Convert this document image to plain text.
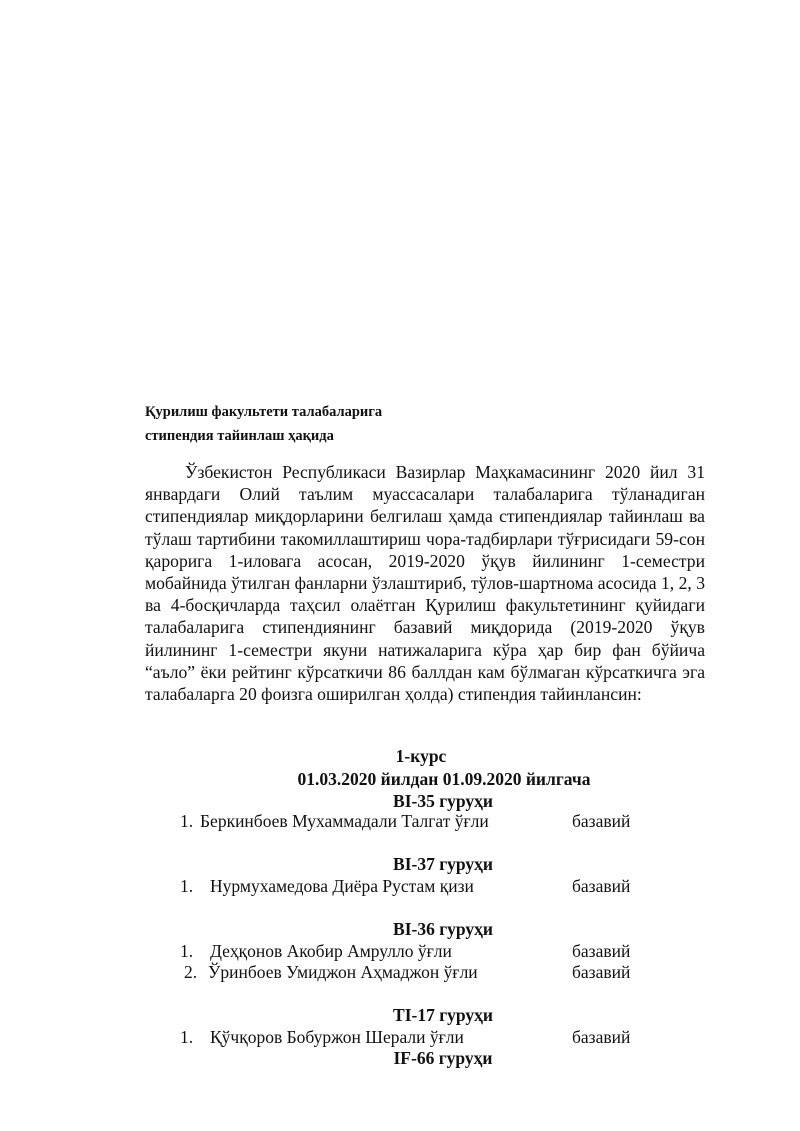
Қурилиш факультети талабаларига
стипендия тайинлаш ҳақида

Ўзбекистон Республикаси Вазирлар Маҳкамасининг 2020 йил 31 январдаги Олий таълим муассасалари талабаларига тўланадиган стипендиялар миқдорларини белгилаш ҳамда стипендиялар тайинлаш ва тўлаш тартибини такомиллаштириш чора-тадбирлари тўғрисидаги 59-сон қарорига 1-иловага асосан, 2019-2020 ўқув йилининг 1-семестри мобайнида ўтилган фанларни ўзлаштириб, тўлов-шартнома асосида 1, 2, 3 ва 4-босқичларда таҳсил олаётган Қурилиш факультетининг қуйидаги талабаларига стипендиянинг базавий миқдорида (2019-2020 ўқув йилининг 1-семестри якуни натижаларига кўра ҳар бир фан бўйича “аъло” ёки рейтинг кўрсаткичи 86 баллдан кам бўлмаган кўрсаткичга эга талабаларга 20 фоизга оширилган ҳолда) стипендия тайинлансин:

1-курс
01.03.2020 йилдан 01.09.2020 йилгача
BI-35 гуруҳи
1. Беркинбоев Мухаммадали Талгат ўғли	базавий
BI-37 гуруҳи
1. Нурмухамедова Диёра Рустам қизи	базавий
BI-36 гуруҳи
1. Деҳқонов Акобир Амрулло ўғли	базавий
2. Ўринбоев Умиджон Аҳмаджон ўғли	базавий
TI-17 гуруҳи
1. Қўчқоров Бобуржон Шерали ўғли	базавий
IF-66 гуруҳи
